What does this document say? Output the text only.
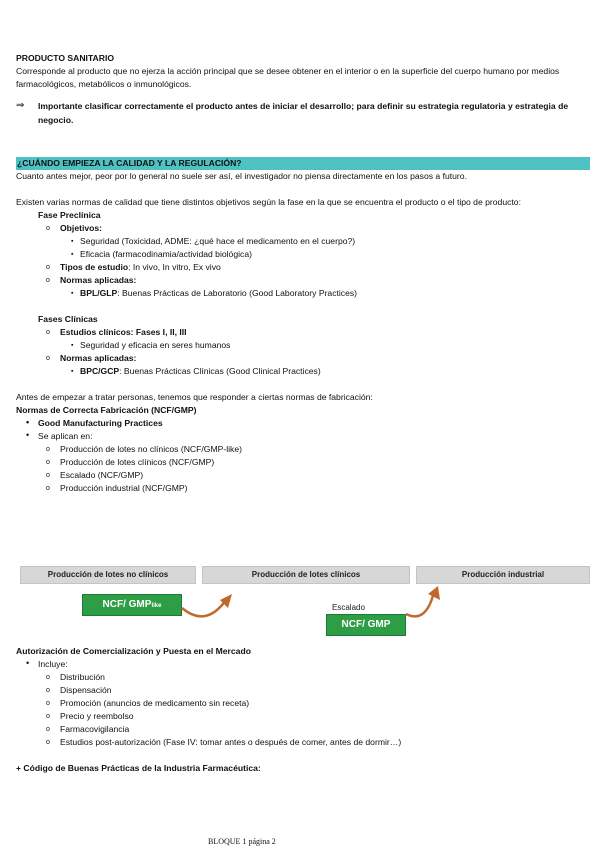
PRODUCTO SANITARIO
Corresponde al producto que no ejerza la acción principal que se desee obtener en el interior o en la superficie del cuerpo humano por medios farmacológicos, metabólicos o inmunológicos.
⇒	Importante clasificar correctamente el producto antes de iniciar el desarrollo; para definir su estrategia regulatoria y estrategia de negocio.
¿CUÁNDO EMPIEZA LA CALIDAD Y LA REGULACIÓN?
Cuanto antes mejor, peor por lo general no suele ser así, el investigador no piensa directamente en los pasos a futuro.
Existen varias normas de calidad que tiene distintos objetivos según la fase en la que se encuentra el producto o el tipo de producto:
Fase Preclínica
o Objetivos:
▪ Seguridad (Toxicidad, ADME: ¿qué hace el medicamento en el cuerpo?)
▪ Eficacia (farmacodinamia/actividad biológica)
o Tipos de estudio: In vivo, In vitro, Ex vivo
o Normas aplicadas:
▪ BPL/GLP: Buenas Prácticas de Laboratorio (Good Laboratory Practices)
Fases Clínicas
o Estudios clínicos: Fases I, II, III
▪ Seguridad y eficacia en seres humanos
o Normas aplicadas:
▪ BPC/GCP: Buenas Prácticas Clínicas (Good Clinical Practices)
Antes de empezar a tratar personas, tenemos que responder a ciertas normas de fabricación:
Normas de Correcta Fabricación (NCF/GMP)
• Good Manufacturing Practices
• Se aplican en:
o Producción de lotes no clínicos (NCF/GMP-like)
o Producción de lotes clínicos (NCF/GMP)
o Escalado (NCF/GMP)
o Producción industrial (NCF/GMP)
Producción de lotes no clínicos	Producción de lotes clínicos	Producción industrial
NCF/ GMPlike	Escalado
NCF/ GMP
Autorización de Comercialización y Puesta en el Mercado
• Incluye:
o Distribución
o Dispensación
o Promoción (anuncios de medicamento sin receta)
o Precio y reembolso
o Farmacovigilancia
o Estudios post-autorización (Fase IV: tomar antes o después de comer, antes de dormir…)
+ Código de Buenas Prácticas de la Industria Farmacéutica:
BLOQUE 1 página 2
